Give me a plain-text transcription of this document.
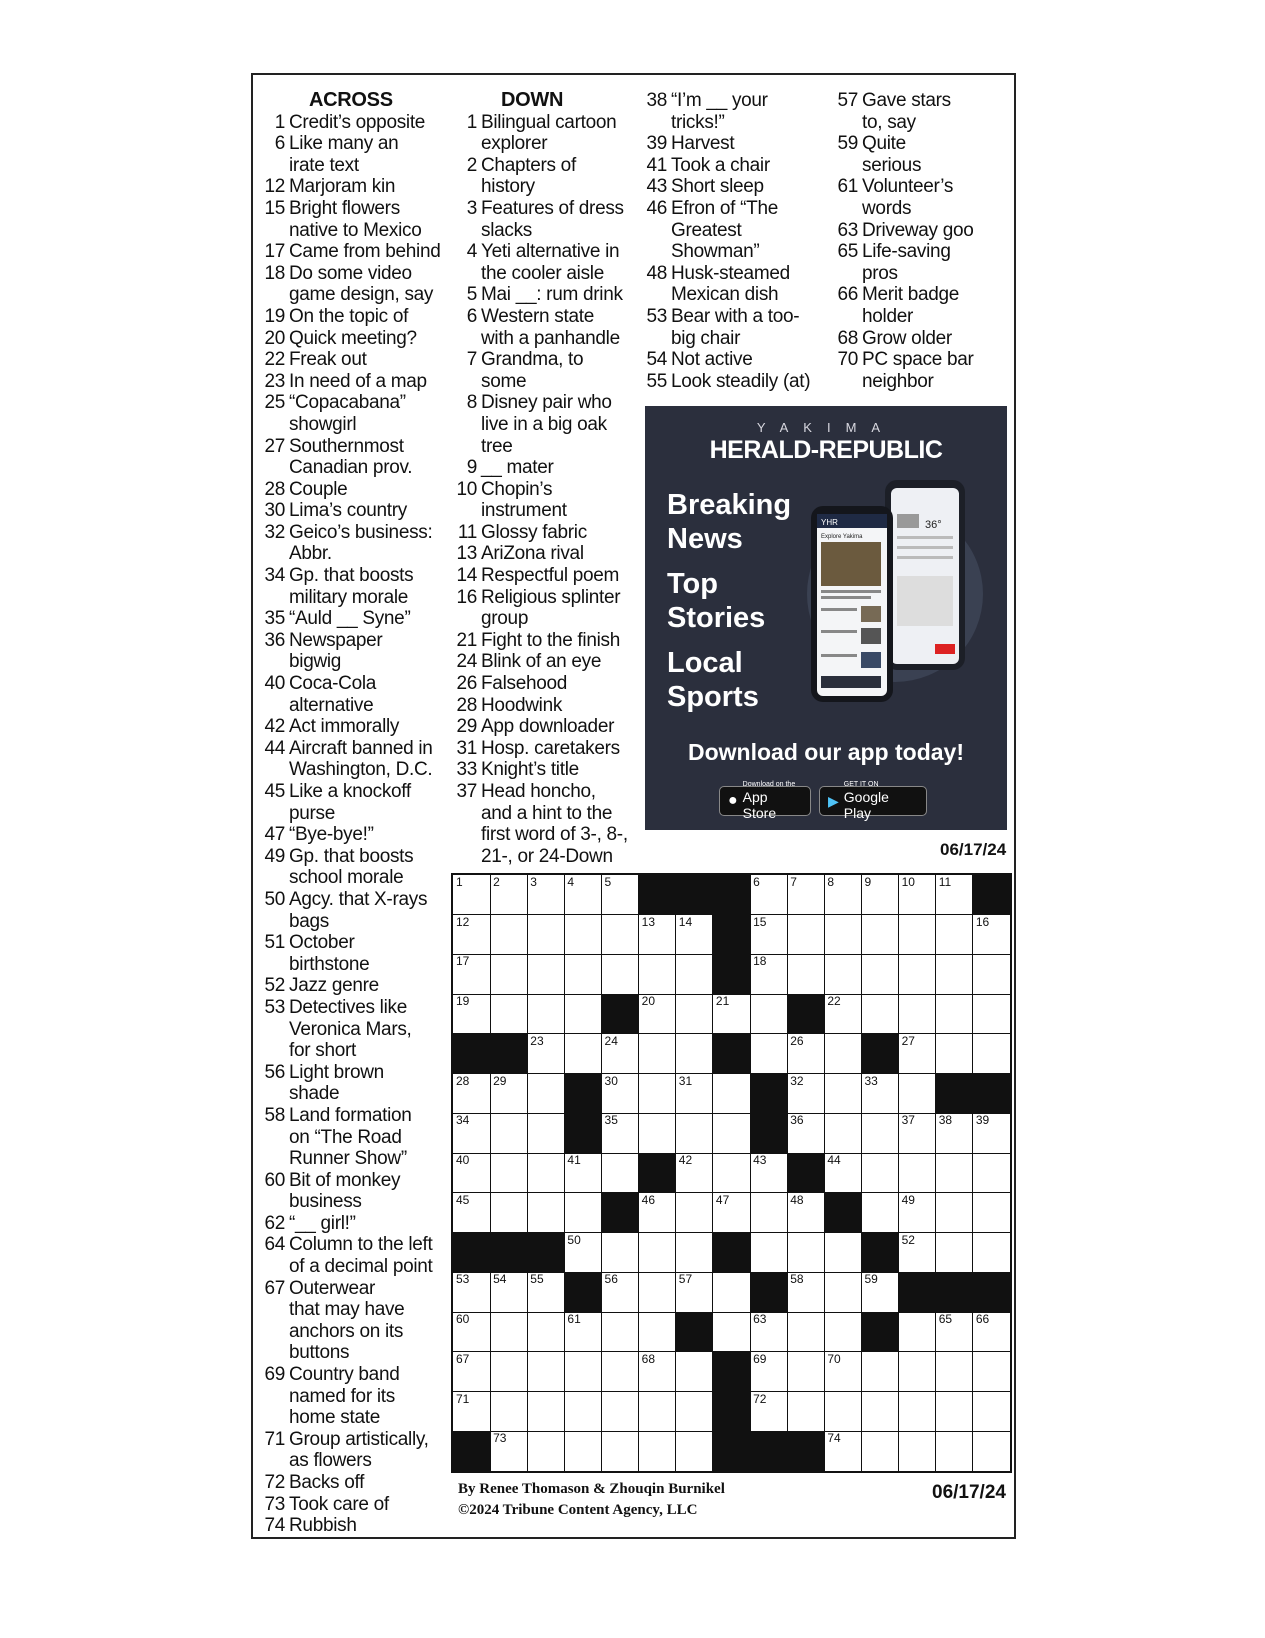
ACROSS
1 Credit’s opposite
6 Like many an
irate text
12 Marjoram kin
15 Bright flowers
native to Mexico
17 Came from behind
18 Do some video
game design, say
19 On the topic of
20 Quick meeting?
22 Freak out
23 In need of a map
25 “Copacabana”
showgirl
27 Southernmost
Canadian prov.
28 Couple
30 Lima’s country
32 Geico’s business:
Abbr.
34 Gp. that boosts
military morale
35 “Auld __ Syne”
36 Newspaper
bigwig
40 Coca-Cola
alternative
42 Act immorally
44 Aircraft banned in
Washington, D.C.
45 Like a knockoff
purse
47 “Bye-bye!”
49 Gp. that boosts
school morale
50 Agcy. that X-rays
bags
51 October
birthstone
52 Jazz genre
53 Detectives like
Veronica Mars,
for short
56 Light brown
shade
58 Land formation
on “The Road
Runner Show”
60 Bit of monkey
business
62 “__ girl!”
64 Column to the left
of a decimal point
67 Outerwear
that may have
anchors on its
buttons
69 Country band
named for its
home state
71 Group artistically,
as flowers
72 Backs off
73 Took care of
74 Rubbish
DOWN
1 Bilingual cartoon
explorer
2 Chapters of
history
3 Features of dress
slacks
4 Yeti alternative in
the cooler aisle
5 Mai __: rum drink
6 Western state
with a panhandle
7 Grandma, to
some
8 Disney pair who
live in a big oak
tree
9 __ mater
10 Chopin’s
instrument
11 Glossy fabric
13 AriZona rival
14 Respectful poem
16 Religious splinter
group
21 Fight to the finish
24 Blink of an eye
26 Falsehood
28 Hoodwink
29 App downloader
31 Hosp. caretakers
33 Knight’s title
37 Head honcho,
and a hint to the
first word of 3-, 8-,
21-, or 24-Down
38 “I’m __ your
tricks!”
39 Harvest
41 Took a chair
43 Short sleep
46 Efron of “The
Greatest
Showman”
48 Husk-steamed
Mexican dish
53 Bear with a too-
big chair
54 Not active
55 Look steadily (at)
57 Gave stars
to, say
59 Quite
serious
61 Volunteer’s
words
63 Driveway goo
65 Life-saving
pros
66 Merit badge
holder
68 Grow older
70 PC space bar
neighbor
YAKIMA
HERALD-REPUBLIC
Breaking
News
Top
Stories
Local
Sports
36°
YHR
Explore Yakima
Download our app today!
●
Download on the
App Store
▶
GET IT ON
Google Play
06/17/24
1	2	3	4	5	6	7	8	9	10 11
12	13 14	15	16
17	18
19	20	21	22
23	24	26	27
28 29	30	31	32	33
34	35	36	37 38 39
40	41	42	43	44
45	46	47	48	49
50	52
53 54 55	56	57	58	59
60	61	63	65 66
67	68	69	70
71	72
73	74
By Renee Thomason & Zhouqin Burnikel
©2024 Tribune Content Agency, LLC
06/17/24
